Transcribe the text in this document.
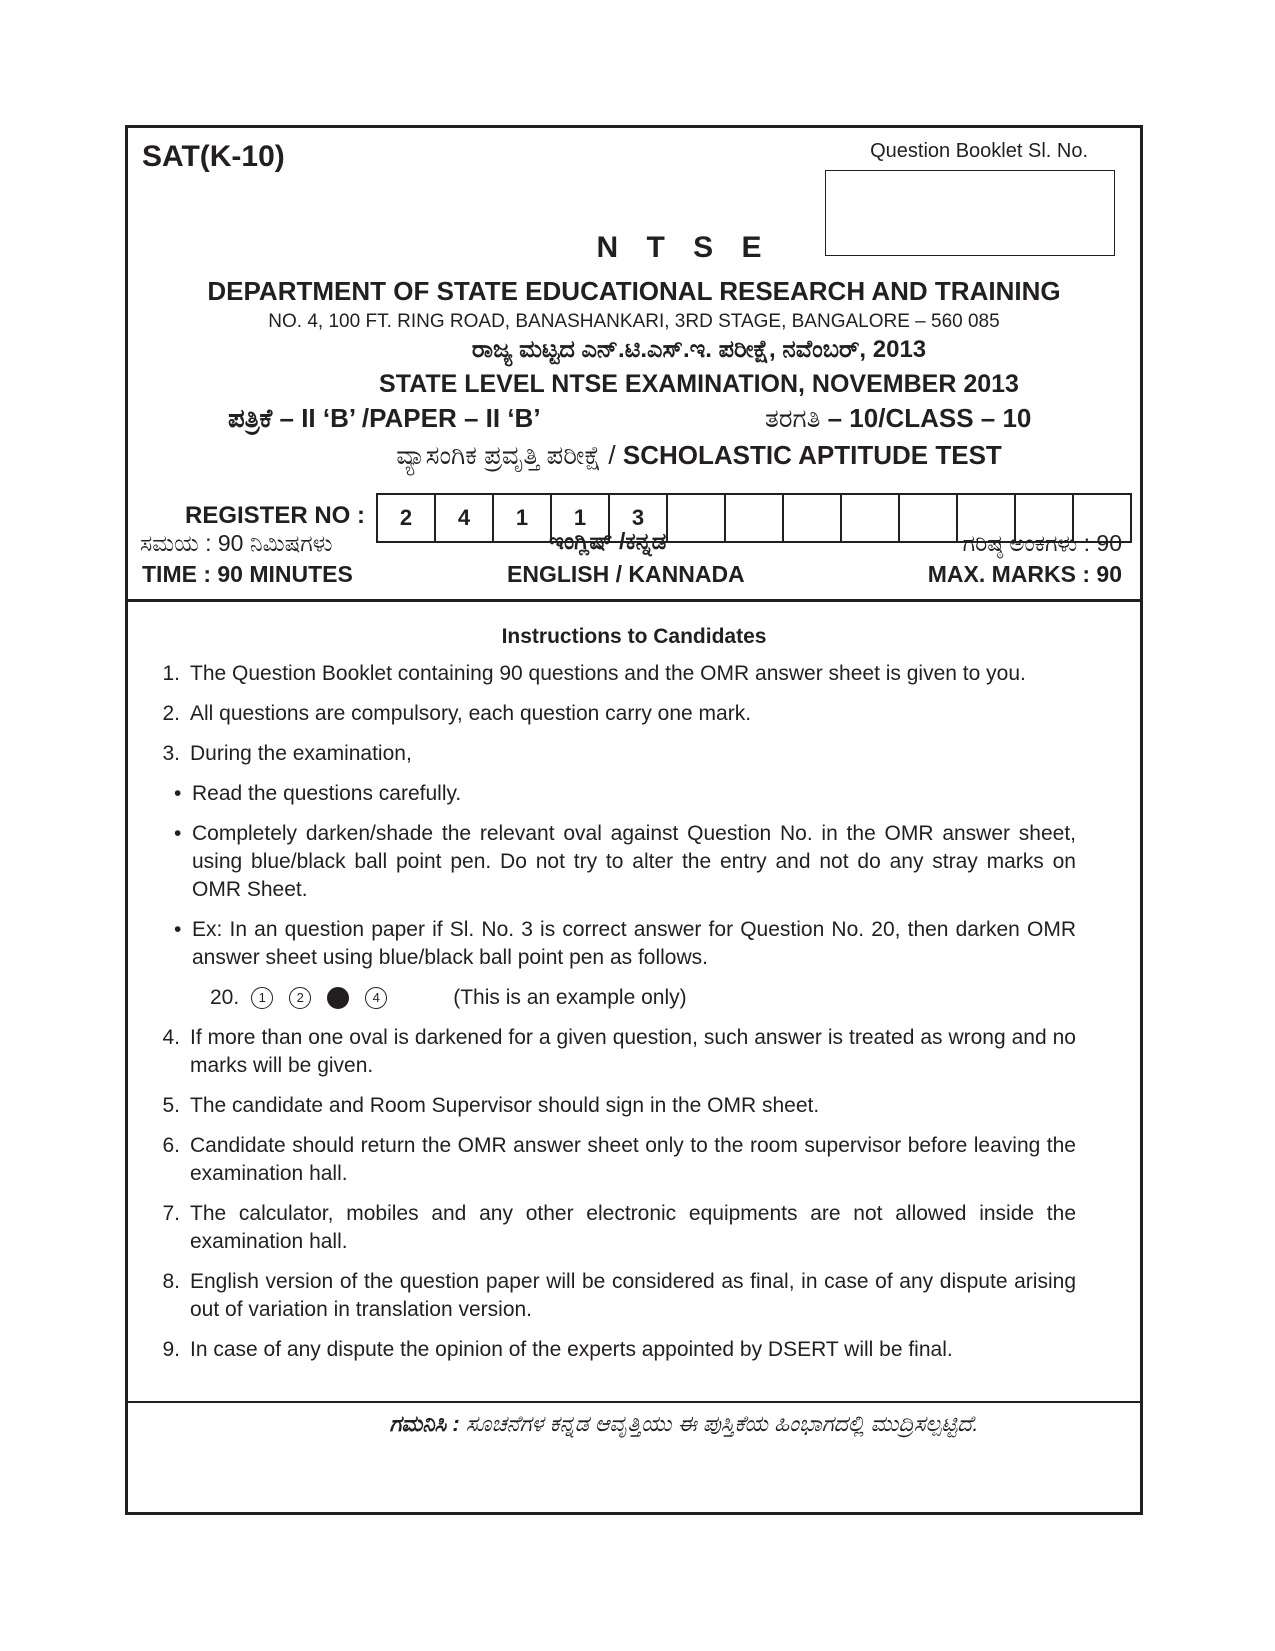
SAT(K-10)	Question Booklet Sl. No.
N T S E
DEPARTMENT OF STATE EDUCATIONAL RESEARCH AND TRAINING
NO. 4, 100 FT. RING ROAD, BANASHANKARI, 3RD STAGE, BANGALORE – 560 085
ರಾಜ್ಯ ಮಟ್ಟದ ಎನ್.ಟಿ.ಎಸ್.ಇ. ಪರೀಕ್ಷೆ, ನವೆಂಬರ್, 2013
STATE LEVEL NTSE EXAMINATION, NOVEMBER 2013
ಪತ್ರಿಕೆ – II ‘B’ /PAPER – II ‘B’	ತರಗತಿ – 10/CLASS – 10
ವ್ಯಾಸಂಗಿಕ ಪ್ರವೃತ್ತಿ ಪರೀಕ್ಷೆ / SCHOLASTIC APTITUDE TEST
REGISTER NO :	2	4	1	1	3
ಸಮಯ : 90 ನಿಮಿಷಗಳು
TIME : 90 MINUTES
ಇಂಗ್ಲಿಷ್ /ಕನ್ನಡ
ENGLISH / KANNADA
ಗರಿಷ್ಠ ಅಂಕಗಳು : 90
MAX. MARKS : 90
Instructions to Candidates
1. The Question Booklet containing 90 questions and the OMR answer sheet is given to you.
2. All questions are compulsory, each question carry one mark.
3. During the examination,
• Read the questions carefully.
• Completely darken/shade the relevant oval against Question No. in the OMR answer sheet, using blue/black ball point pen. Do not try to alter the entry and not do any stray marks on OMR Sheet.
• Ex: In an question paper if Sl. No. 3 is correct answer for Question No. 20, then darken OMR answer sheet using blue/black ball point pen as follows.
20.	1	2	3	4	(This is an example only)
4. If more than one oval is darkened for a given question, such answer is treated as wrong and no marks will be given.
5. The candidate and Room Supervisor should sign in the OMR sheet.
6. Candidate should return the OMR answer sheet only to the room supervisor before leaving the examination hall.
7. The calculator, mobiles and any other electronic equipments are not allowed inside the examination hall.
8. English version of the question paper will be considered as final, in case of any dispute arising out of variation in translation version.
9. In case of any dispute the opinion of the experts appointed by DSERT will be final.
ಗಮನಿಸಿ : ಸೂಚನೆಗಳ ಕನ್ನಡ ಆವೃತ್ತಿಯು ಈ ಪುಸ್ತಿಕೆಯ ಹಿಂಭಾಗದಲ್ಲಿ ಮುದ್ರಿಸಲ್ಪಟ್ಟಿದೆ.
